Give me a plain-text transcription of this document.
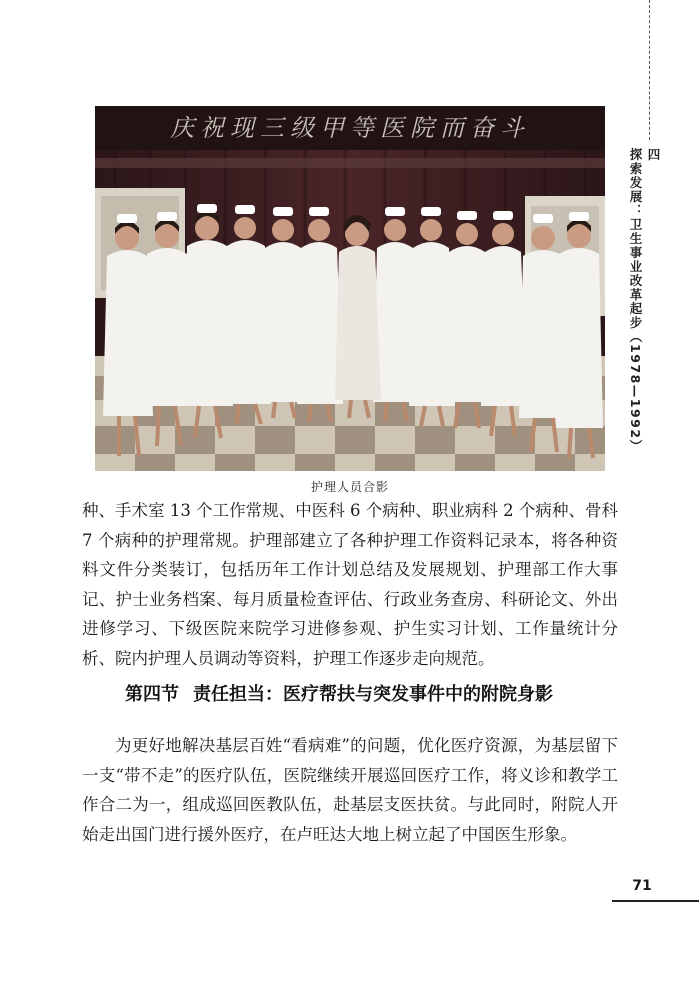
四
探索发展：卫生事业改革起步（1978—1992）
庆祝现三级甲等医院而奋斗
护理人员合影

种、手术室 13 个工作常规、中医科 6 个病种、职业病科 2 个病种、骨科 7 个病种的护理常规。护理部建立了各种护理工作资料记录本，将各种资料文件分类装订，包括历年工作计划总结及发展规划、护理部工作大事记、护士业务档案、每月质量检查评估、行政业务查房、科研论文、外出进修学习、下级医院来院学习进修参观、护生实习计划、工作量统计分析、院内护理人员调动等资料，护理工作逐步走向规范。

第四节 责任担当：医疗帮扶与突发事件中的附院身影

为更好地解决基层百姓“看病难”的问题，优化医疗资源，为基层留下一支“带不走”的医疗队伍，医院继续开展巡回医疗工作，将义诊和教学工作合二为一，组成巡回医教队伍，赴基层支医扶贫。与此同时，附院人开始走出国门进行援外医疗，在卢旺达大地上树立起了中国医生形象。

71
